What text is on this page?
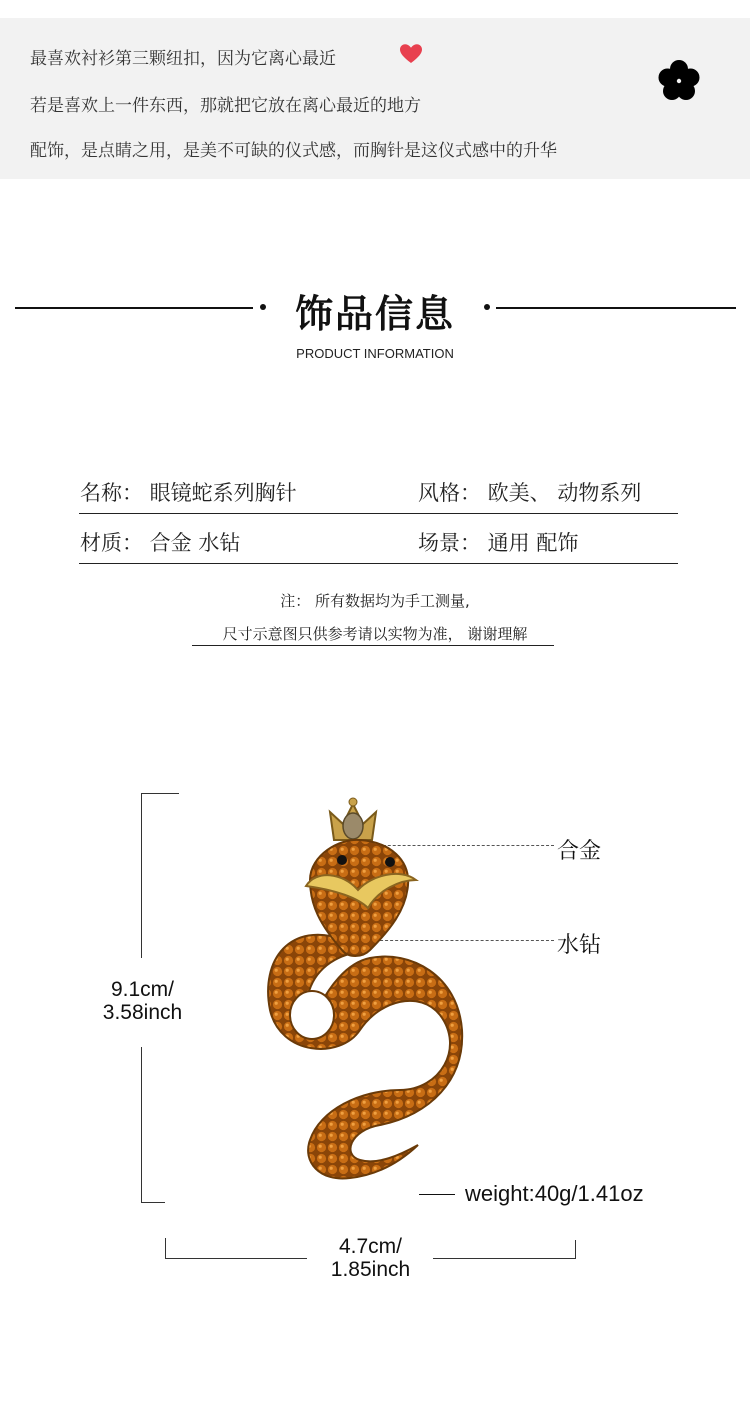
最喜欢衬衫第三颗纽扣，因为它离心最近
若是喜欢上一件东西，那就把它放在离心最近的地方
配饰，是点睛之用，是美不可缺的仪式感，而胸针是这仪式感中的升华
饰品信息
PRODUCT INFORMATION
名称： 眼镜蛇系列胸针	风格： 欧美、 动物系列
材质： 合金 水钻	场景： 通用 配饰
注： 所有数据均为手工测量,
尺寸示意图只供参考请以实物为准， 谢谢理解
9.1cm/
3.58inch
4.7cm/
1.85inch
weight:40g/1.41oz
合金
水钻
